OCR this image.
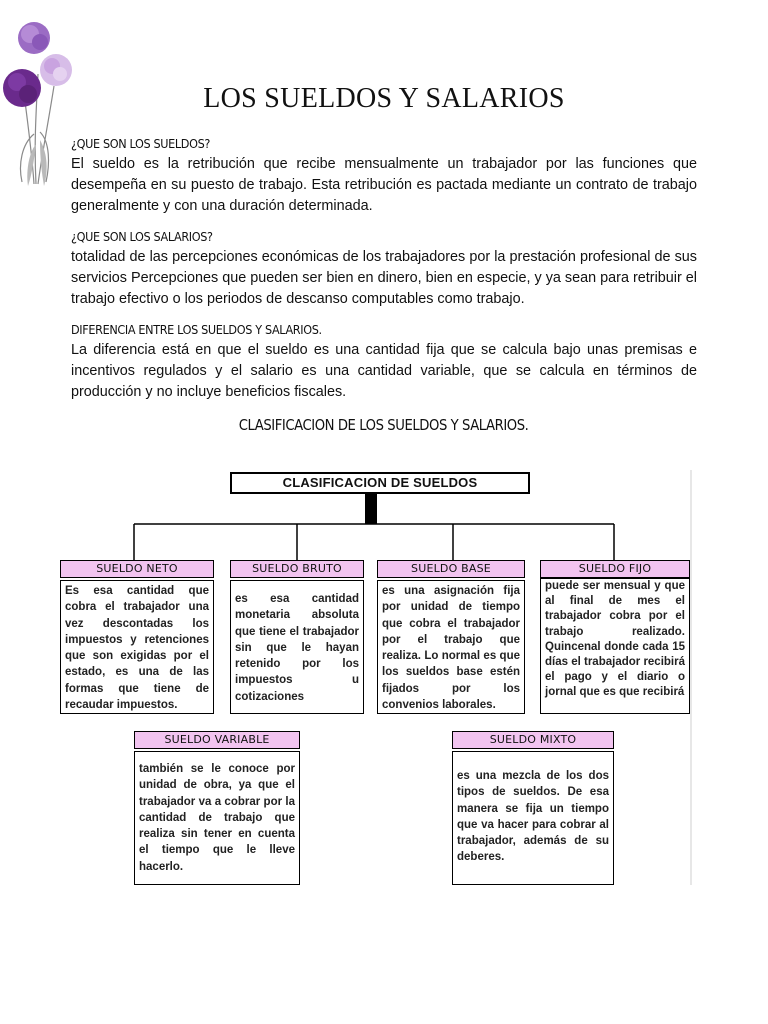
LOS SUELDOS Y SALARIOS
¿QUE SON LOS SUELDOS?

El sueldo es la retribución que recibe mensualmente un trabajador por las funciones que desempeña en su puesto de trabajo. Esta retribución es pactada mediante un contrato de trabajo generalmente y con una duración determinada.

¿QUE SON LOS SALARIOS?

totalidad de las percepciones económicas de los trabajadores por la prestación profesional de sus servicios Percepciones que pueden ser bien en dinero, bien en especie, y ya sean para retribuir el trabajo efectivo o los periodos de descanso computables como trabajo.

DIFERENCIA ENTRE LOS SUELDOS Y SALARIOS.

La diferencia está en que el sueldo es una cantidad fija que se calcula bajo unas premisas e incentivos regulados y el salario es una cantidad variable, que se calcula en términos de producción y no incluye beneficios fiscales.

CLASIFICACION DE LOS SUELDOS Y SALARIOS.
CLASIFICACION DE SUELDOS
SUELDO NETO
Es esa cantidad que cobra el trabajador una vez descontadas los impuestos y retenciones que son exigidas por el estado, es una de las formas que tiene de recaudar impuestos.
SUELDO BRUTO
es esa cantidad monetaria absoluta que tiene el trabajador sin que le hayan retenido por los impuestos u cotizaciones
SUELDO BASE
es una asignación fija por unidad de tiempo que cobra el trabajador por el trabajo que realiza. Lo normal es que los sueldos base estén fijados por los convenios laborales.
SUELDO FIJO
puede ser mensual y que al final de mes el trabajador cobra por el trabajo realizado. Quincenal donde cada 15 días el trabajador recibirá el pago y el diario o jornal que es que recibirá
SUELDO VARIABLE
también se le conoce por unidad de obra, ya que el trabajador va a cobrar por la cantidad de trabajo que realiza sin tener en cuenta el tiempo que le lleve hacerlo.
SUELDO MIXTO
es una mezcla de los dos tipos de sueldos. De esa manera se fija un tiempo que va hacer para cobrar al trabajador, además de su deberes.
